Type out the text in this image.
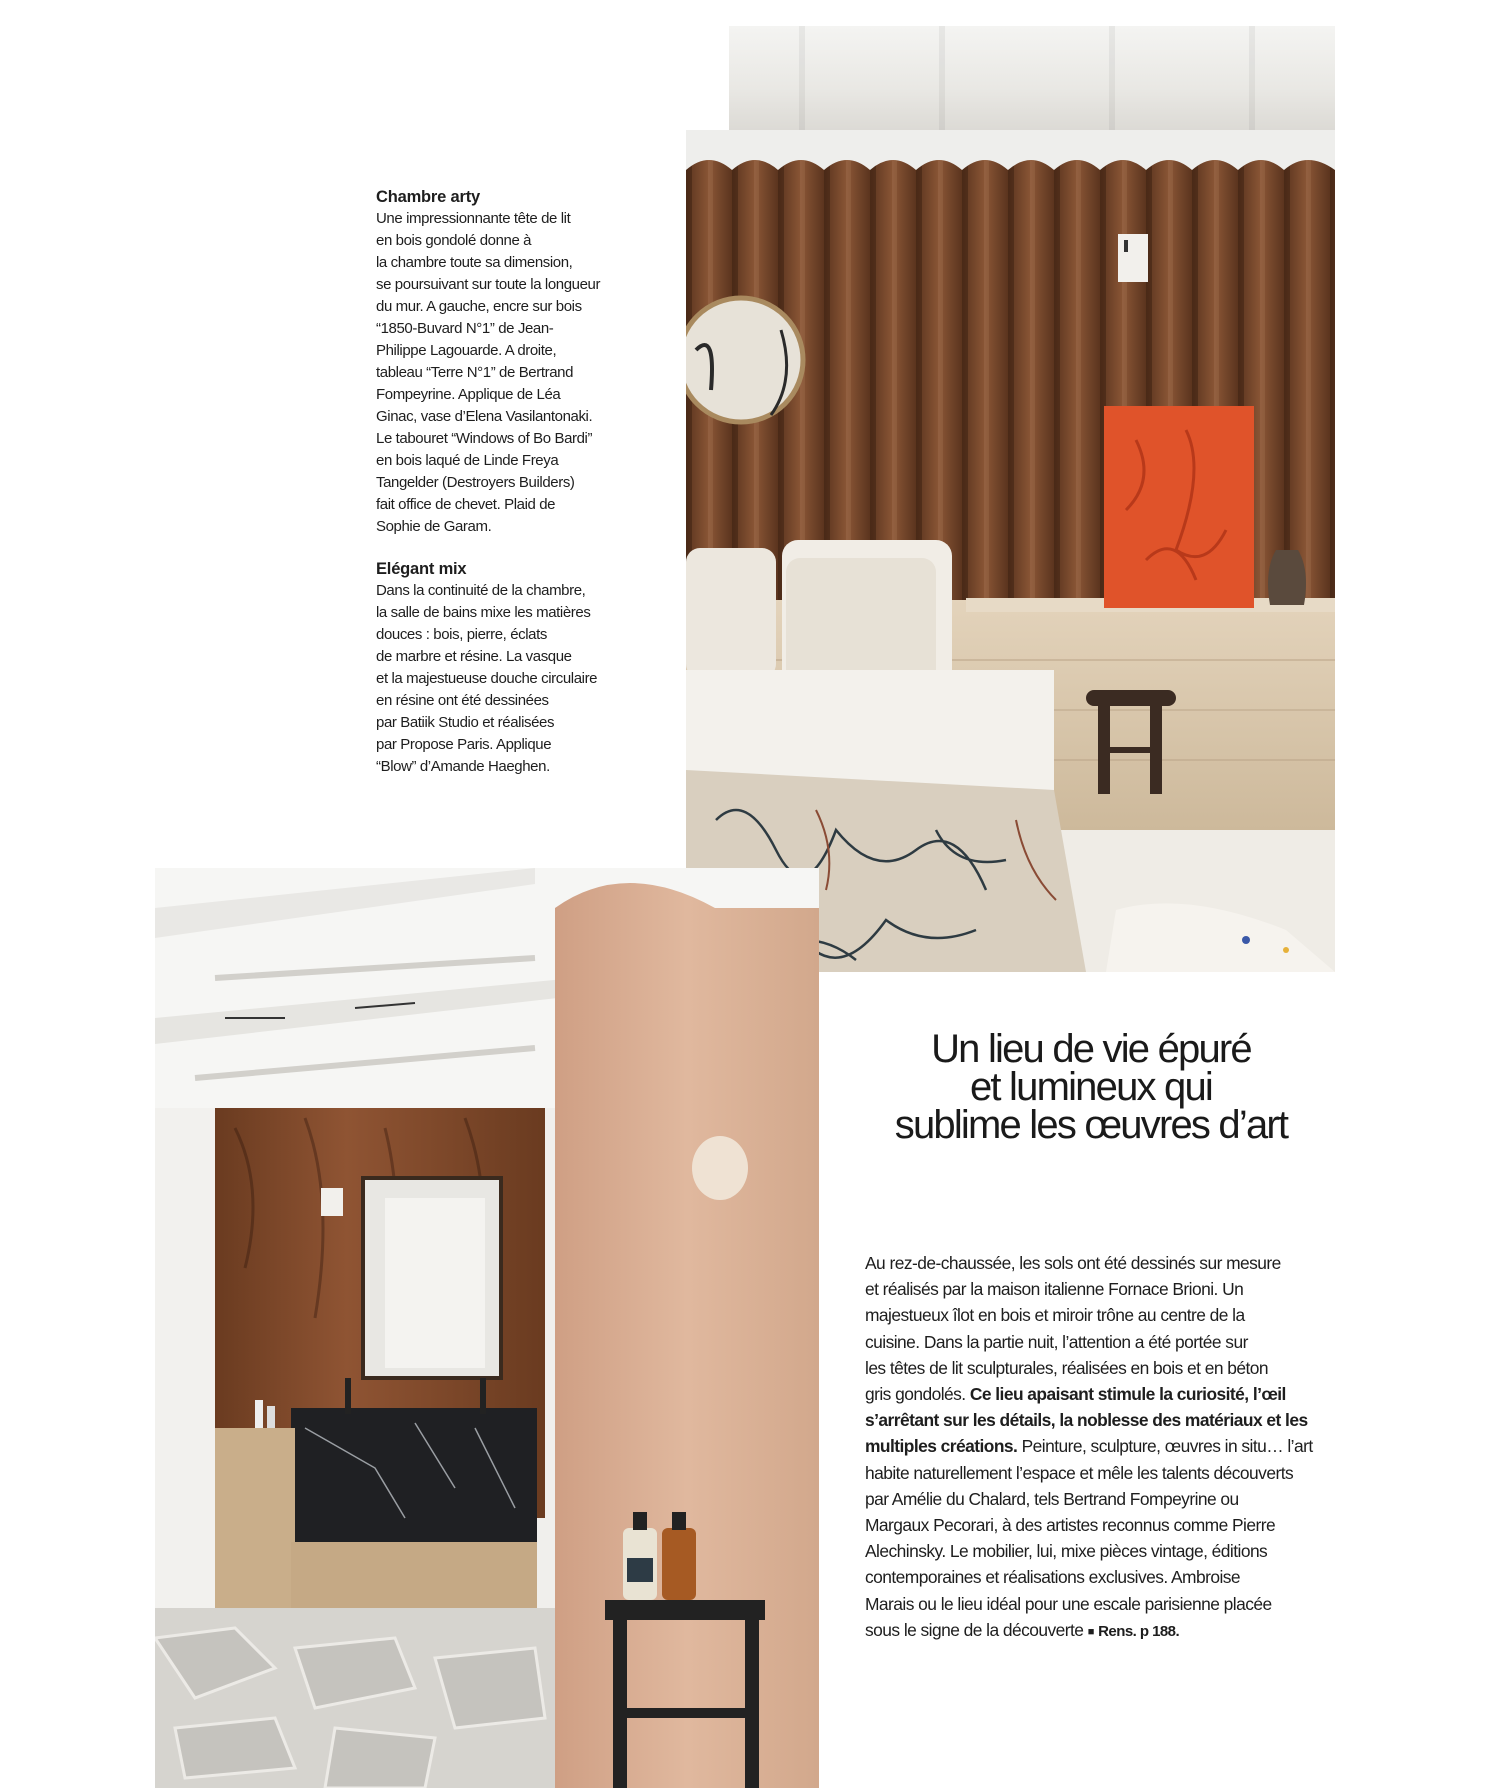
Chambre arty
Une impressionnante tête de lit
en bois gondolé donne à
la chambre toute sa dimension,
se poursuivant sur toute la longueur
du mur. A gauche, encre sur bois
“1850-Buvard N°1” de Jean-
Philippe Lagouarde. A droite,
tableau “Terre N°1” de Bertrand
Fompeyrine. Applique de Léa
Ginac, vase d’Elena Vasilantonaki.
Le tabouret “Windows of Bo Bardi”
en bois laqué de Linde Freya
Tangelder (Destroyers Builders)
fait office de chevet. Plaid de
Sophie de Garam.
Elégant mix
Dans la continuité de la chambre,
la salle de bains mixe les matières
douces : bois, pierre, éclats
de marbre et résine. La vasque
et la majestueuse douche circulaire
en résine ont été dessinées
par Batiik Studio et réalisées
par Propose Paris. Applique
“Blow” d’Amande Haeghen.
Un lieu de vie épuré
et lumineux qui
sublime les œuvres d’art
Au rez-de-chaussée, les sols ont été dessinés sur mesure
et réalisés par la maison italienne Fornace Brioni. Un
majestueux îlot en bois et miroir trône au centre de la
cuisine. Dans la partie nuit, l’attention a été portée sur
les têtes de lit sculpturales, réalisées en bois et en béton
gris gondolés. Ce lieu apaisant stimule la curiosité, l’œil
s’arrêtant sur les détails, la noblesse des matériaux et les
multiples créations. Peinture, sculpture, œuvres in situ… l’art
habite naturellement l’espace et mêle les talents découverts
par Amélie du Chalard, tels Bertrand Fompeyrine ou
Margaux Pecorari, à des artistes reconnus comme Pierre
Alechinsky. Le mobilier, lui, mixe pièces vintage, éditions
contemporaines et réalisations exclusives. Ambroise
Marais ou le lieu idéal pour une escale parisienne placée
sous le signe de la découverte ■ Rens. p 188.
